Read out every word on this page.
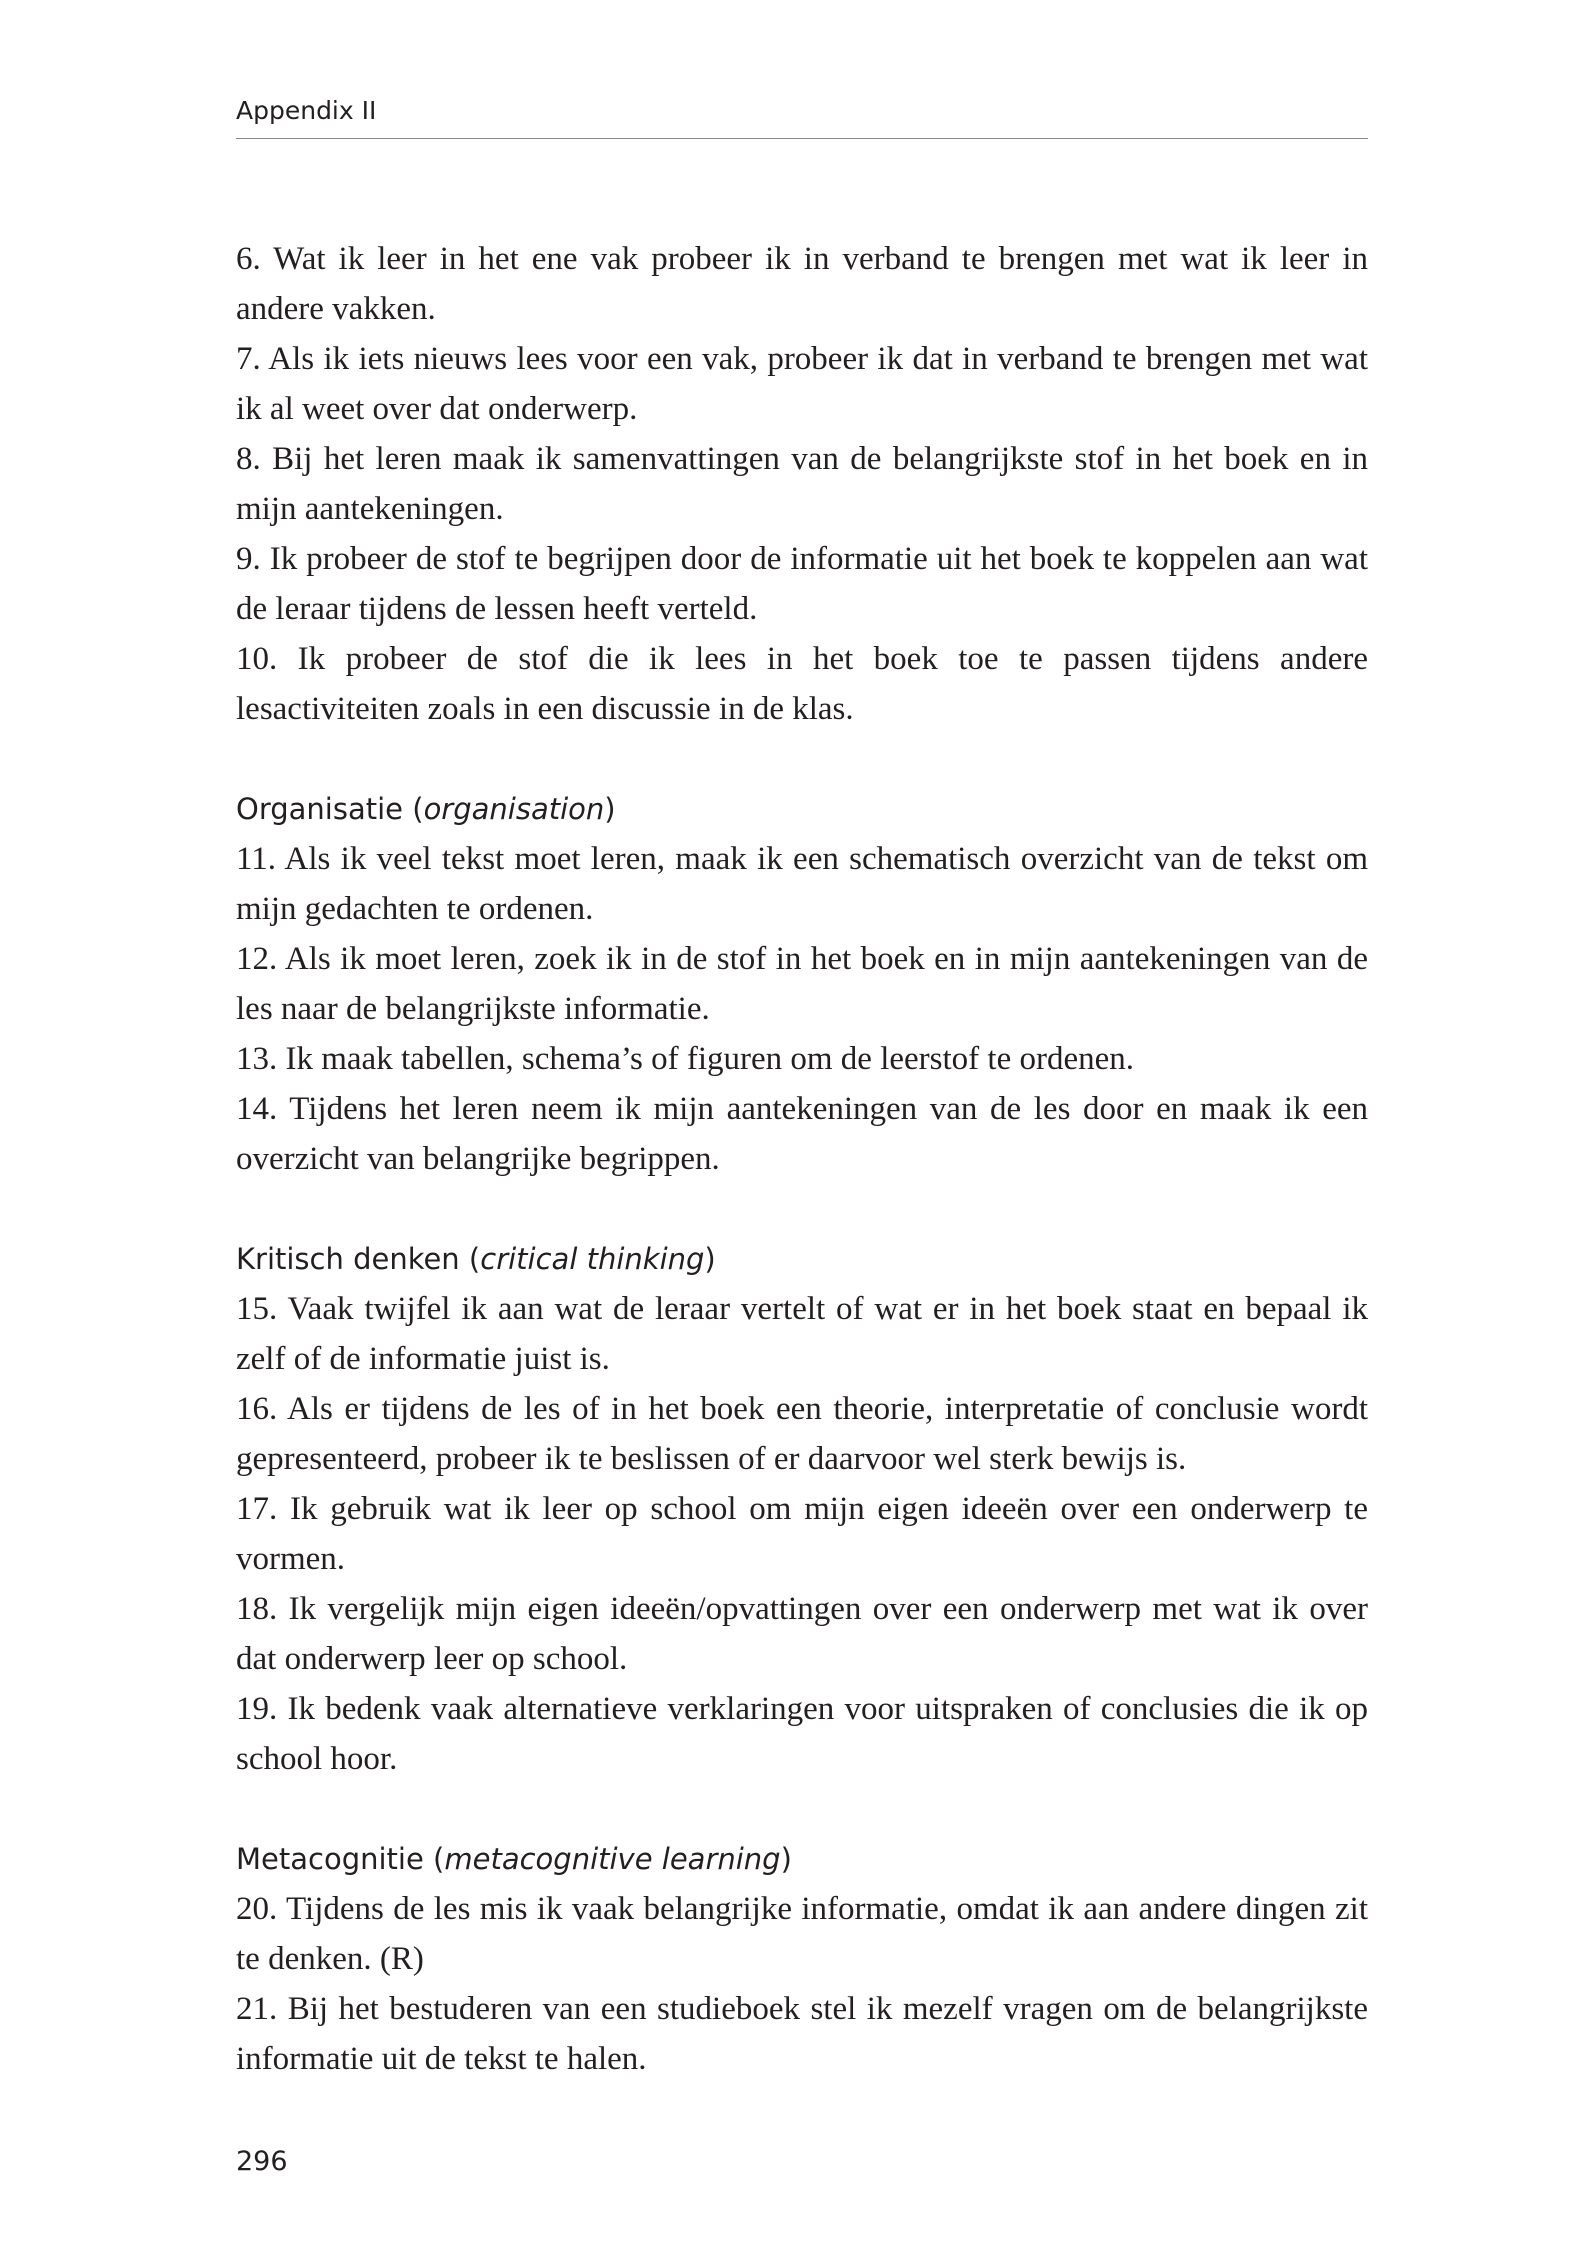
Appendix II

6. Wat ik leer in het ene vak probeer ik in verband te brengen met wat ik leer in andere vakken.

7. Als ik iets nieuws lees voor een vak, probeer ik dat in verband te brengen met wat ik al weet over dat onderwerp.

8. Bij het leren maak ik samenvattingen van de belangrijkste stof in het boek en in mijn aantekeningen.

9. Ik probeer de stof te begrijpen door de informatie uit het boek te koppelen aan wat de leraar tijdens de lessen heeft verteld.

10. Ik probeer de stof die ik lees in het boek toe te passen tijdens andere lesactiviteiten zoals in een discussie in de klas.

Organisatie (organisation)

11. Als ik veel tekst moet leren, maak ik een schematisch overzicht van de tekst om mijn gedachten te ordenen.

12. Als ik moet leren, zoek ik in de stof in het boek en in mijn aantekeningen van de les naar de belangrijkste informatie.

13. Ik maak tabellen, schema’s of figuren om de leerstof te ordenen.

14. Tijdens het leren neem ik mijn aantekeningen van de les door en maak ik een overzicht van belangrijke begrippen.

Kritisch denken (critical thinking)

15. Vaak twijfel ik aan wat de leraar vertelt of wat er in het boek staat en bepaal ik zelf of de informatie juist is.

16. Als er tijdens de les of in het boek een theorie, interpretatie of conclusie wordt gepresenteerd, probeer ik te beslissen of er daarvoor wel sterk bewijs is.

17. Ik gebruik wat ik leer op school om mijn eigen ideeën over een onderwerp te vormen.

18. Ik vergelijk mijn eigen ideeën/opvattingen over een onderwerp met wat ik over dat onderwerp leer op school.

19. Ik bedenk vaak alternatieve verklaringen voor uitspraken of conclusies die ik op school hoor.

Metacognitie (metacognitive learning)

20. Tijdens de les mis ik vaak belangrijke informatie, omdat ik aan andere dingen zit te denken. (R)

21. Bij het bestuderen van een studieboek stel ik mezelf vragen om de belangrijkste informatie uit de tekst te halen.

296
